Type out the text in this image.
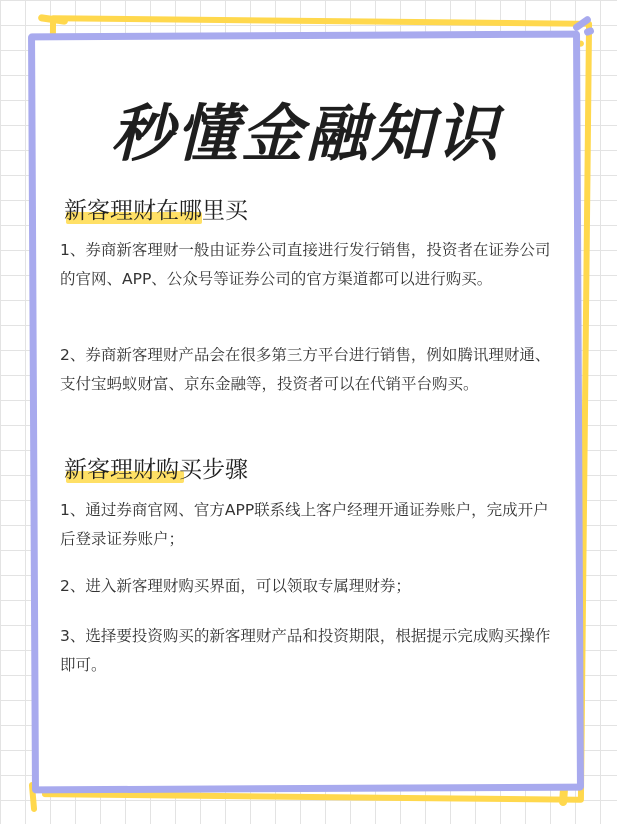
秒懂金融知识
新客理财在哪里买
1、券商新客理财一般由证券公司直接进行发行销售，投资者在证券公司的官网、APP、公众号等证券公司的官方渠道都可以进行购买。
2、券商新客理财产品会在很多第三方平台进行销售，例如腾讯理财通、支付宝蚂蚁财富、京东金融等，投资者可以在代销平台购买。
新客理财购买步骤
1、通过券商官网、官方APP联系线上客户经理开通证券账户，完成开户后登录证券账户；
2、进入新客理财购买界面，可以领取专属理财券；
3、选择要投资购买的新客理财产品和投资期限，根据提示完成购买操作即可。
